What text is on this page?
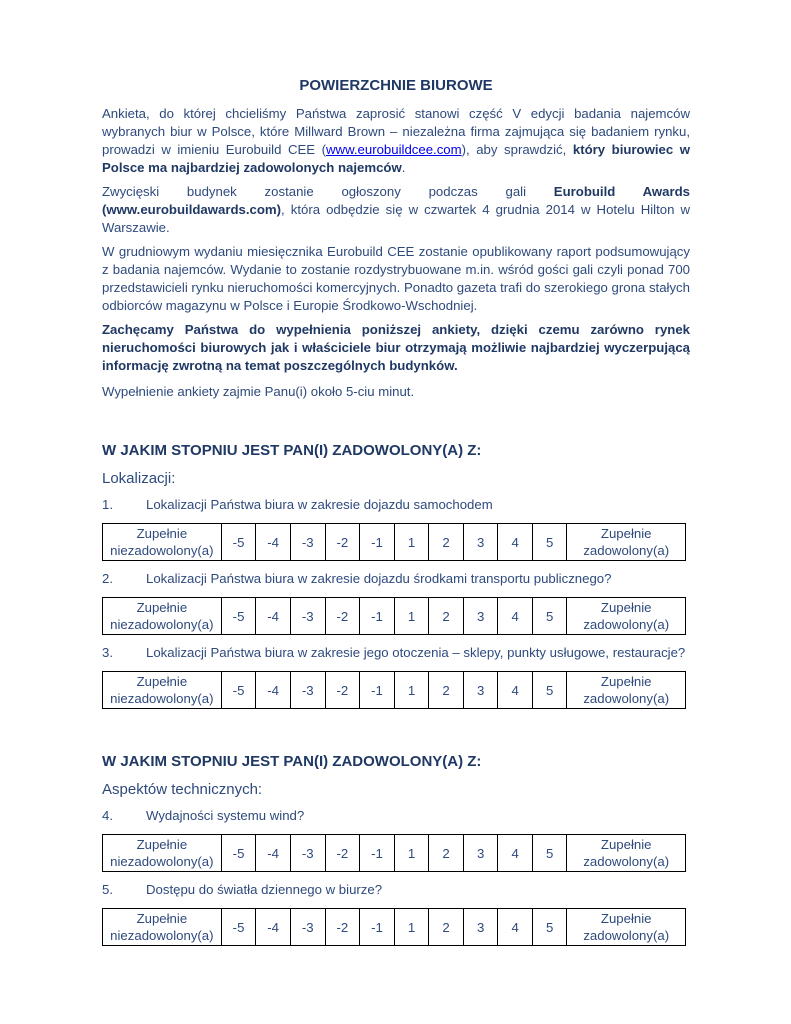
POWIERZCHNIE BIUROWE

Ankieta, do której chcieliśmy Państwa zaprosić stanowi część V edycji badania najemców wybranych biur w Polsce, które Millward Brown – niezależna firma zajmująca się badaniem rynku, prowadzi w imieniu Eurobuild CEE (www.eurobuildcee.com), aby sprawdzić, który biurowiec w Polsce ma najbardziej zadowolonych najemców.

Zwycięski budynek zostanie ogłoszony podczas gali Eurobuild Awards (www.eurobuildawards.com), która odbędzie się w czwartek 4 grudnia 2014 w Hotelu Hilton w Warszawie.

W grudniowym wydaniu miesięcznika Eurobuild CEE zostanie opublikowany raport podsumowujący z badania najemców. Wydanie to zostanie rozdystrybuowane m.in. wśród gości gali czyli ponad 700 przedstawicieli rynku nieruchomości komercyjnych. Ponadto gazeta trafi do szerokiego grona stałych odbiorców magazynu w Polsce i Europie Środkowo-Wschodniej.

Zachęcamy Państwa do wypełnienia poniższej ankiety, dzięki czemu zarówno rynek nieruchomości biurowych jak i właściciele biur otrzymają możliwie najbardziej wyczerpującą informację zwrotną na temat poszczególnych budynków.

Wypełnienie ankiety zajmie Panu(i) około 5-ciu minut.

W JAKIM STOPNIU JEST PAN(I) ZADOWOLONY(A) Z:

Lokalizacji:

1.	Lokalizacji Państwa biura w zakresie dojazdu samochodem

Zupełnie
niezadowolony(a)	-5	-4	-3	-2	-1	1	2	3	4	5	Zupełnie
zadowolony(a)

2.	Lokalizacji Państwa biura w zakresie dojazdu środkami transportu publicznego?

Zupełnie
niezadowolony(a)	-5	-4	-3	-2	-1	1	2	3	4	5	Zupełnie
zadowolony(a)

3.	Lokalizacji Państwa biura w zakresie jego otoczenia – sklepy, punkty usługowe, restauracje?

Zupełnie
niezadowolony(a)	-5	-4	-3	-2	-1	1	2	3	4	5	Zupełnie
zadowolony(a)
W JAKIM STOPNIU JEST PAN(I) ZADOWOLONY(A) Z:

Aspektów technicznych:

4.	Wydajności systemu wind?

Zupełnie
niezadowolony(a)	-5	-4	-3	-2	-1	1	2	3	4	5	Zupełnie
zadowolony(a)

5.	Dostępu do światła dziennego w biurze?

Zupełnie
niezadowolony(a)	-5	-4	-3	-2	-1	1	2	3	4	5	Zupełnie
zadowolony(a)
